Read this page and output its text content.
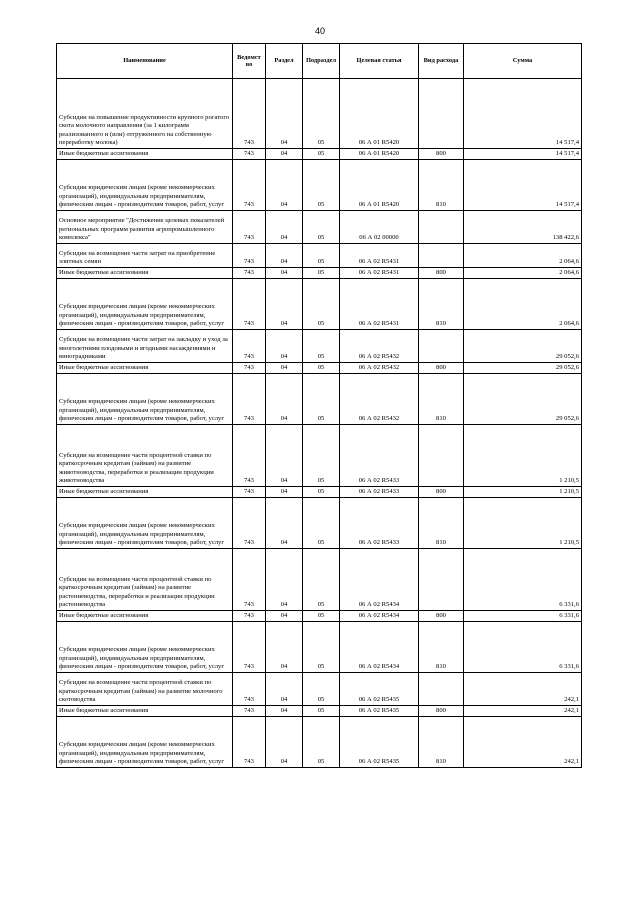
40
Наименование	Ведомст во	Раздел	Подраздел	Целевая статья	Вид расхода	Сумма
Субсидии на повышение продуктивности крупного рогатого скота молочного направления (за 1 килограмм реализованного и (или) отгруженного на собственную переработку молока)	743	04	05	06 А 01 R5420		14 517,4
Иные бюджетные ассигнования	743	04	05	06 А 01 R5420	800	14 517,4
Субсидии юридическим лицам (кроме некоммерческих организаций), индивидуальным предпринимателям, физическим лицам - производителям товаров, работ, услуг	743	04	05	06 А 01 R5420	810	14 517,4
Основное мероприятие "Достижение целевых показателей региональных программ развития агропромышленного комплекса"	743	04	05	06 А 02 00000		138 422,6
Субсидии на возмещение части затрат на приобретение элитных семян	743	04	05	06 А 02 R5431		2 064,6
Иные бюджетные ассигнования	743	04	05	06 А 02 R5431	800	2 064,6
Субсидии юридическим лицам (кроме некоммерческих организаций), индивидуальным предпринимателям, физическим лицам - производителям товаров, работ, услуг	743	04	05	06 А 02 R5431	810	2 064,6
Субсидии на возмещение части затрат на закладку и уход за многолетними плодовыми и ягодными насаждениями и виноградниками	743	04	05	06 А 02 R5432		29 052,6
Иные бюджетные ассигнования	743	04	05	06 А 02 R5432	800	29 052,6
Субсидии юридическим лицам (кроме некоммерческих организаций), индивидуальным предпринимателям, физическим лицам - производителям товаров, работ, услуг	743	04	05	06 А 02 R5432	810	29 052,6
Субсидии на возмещение части процентной ставки по краткосрочным кредитам (займам) на развитие животноводства, переработки и реализации продукции животноводства	743	04	05	06 А 02 R5433		1 210,5
Иные бюджетные ассигнования	743	04	05	06 А 02 R5433	800	1 210,5
Субсидии юридическим лицам (кроме некоммерческих организаций), индивидуальным предпринимателям, физическим лицам - производителям товаров, работ, услуг	743	04	05	06 А 02 R5433	810	1 210,5
Субсидии на возмещение части процентной ставки по краткосрочным кредитам (займам) на развитие растениеводства, переработки и реализации продукции растениеводства	743	04	05	06 А 02 R5434		6 331,6
Иные бюджетные ассигнования	743	04	05	06 А 02 R5434	800	6 331,6
Субсидии юридическим лицам (кроме некоммерческих организаций), индивидуальным предпринимателям, физическим лицам - производителям товаров, работ, услуг	743	04	05	06 А 02 R5434	810	6 331,6
Субсидии на возмещение части процентной ставки по краткосрочным кредитам (займам) на развитие молочного скотоводства	743	04	05	06 А 02 R5435		242,1
Иные бюджетные ассигнования	743	04	05	06 А 02 R5435	800	242,1
Субсидии юридическим лицам (кроме некоммерческих организаций), индивидуальным предпринимателям, физическим лицам - производителям товаров, работ, услуг	743	04	05	06 А 02 R5435	810	242,1
